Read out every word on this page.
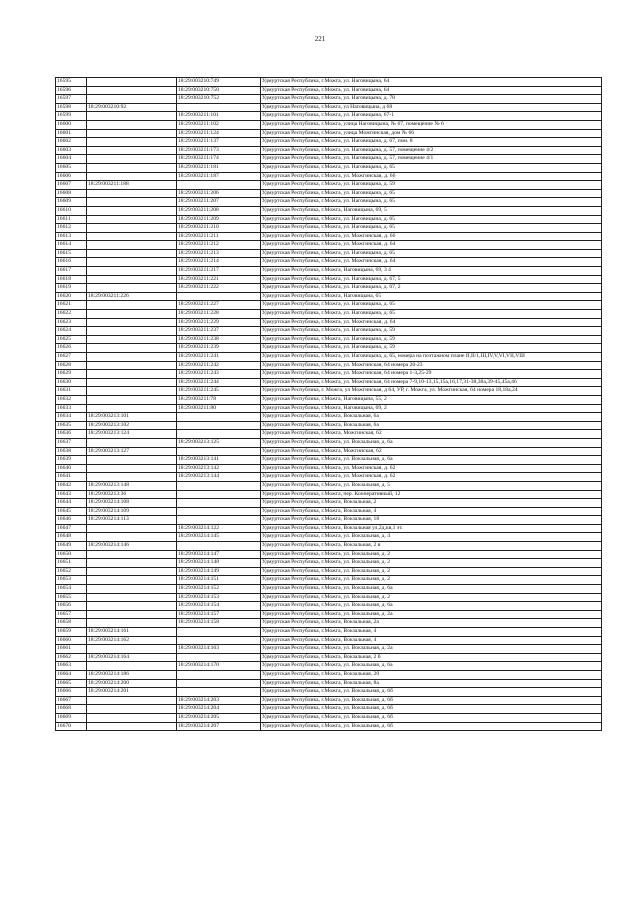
221
16595		18:29:003210:749	Удмуртская Республика, г.Можга, ул. Наговицына, 64
16596		18:29:003210:750	Удмуртская Республика, г.Можга, ул. Наговицына, 64
16597		18:29:003210:752	Удмуртская Республика, г.Можга, ул. Наговицына, д. 78
16598	18:29:003210:92		Удмуртская Республика, г.Можга, ул Наговицына, д 68
16599		18:29:003211:101	Удмуртская Республика, г.Можга, ул. Наговицына, 67-1
16600		18:29:003211:102	Удмуртская Республика, г.Можга, улица Наговицына, № 67, помещение № 6
16601		18:29:003211:124	Удмуртская Республика, г.Можга, улица Можгинская, дом № 66
16602		18:29:003211:137	Удмуртская Республика, г.Можга, ул. Наговицына, д. 67, пом. 8
16603		18:29:003211:173	Удмуртская Республика, г.Можга, ул. Наговицына, д. 57, помещение 4/2
16604		18:29:003211:174	Удмуртская Республика, г.Можга, ул. Наговицына, д. 57, помещение 4/1
16605		18:29:003211:181	Удмуртская Республика, г.Можга, ул. Наговицына, д. 65
16606		18:29:003211:187	Удмуртская Республика, г.Можга, ул. Можгинская, д. 66
16607	18:29:003211:188		Удмуртская Республика, г.Можга, ул. Наговицына, д. 59
16608		18:29:003211:206	Удмуртская Республика, г.Можга, ул. Наговицына, д. 65
16609		18:29:003211:207	Удмуртская Республика, г.Можга, ул. Наговицына, д. 65
16610		18:29:003211:208	Удмуртская Республика, г.Можга, Наговицына, 69, 5
16611		18:29:003211:209	Удмуртская Республика, г.Можга, ул. Наговицына, д. 65
16612		18:29:003211:210	Удмуртская Республика, г.Можга, ул. Наговицына, д. 65
16613		18:29:003211:211	Удмуртская Республика, г.Можга, ул. Можгинская, д. 66
16614		18:29:003211:212	Удмуртская Республика, г.Можга, ул. Можгинская, д. 64
16615		18:29:003211:213	Удмуртская Республика, г.Можга, ул. Наговицына, д. 65
16616		18:29:003211:214	Удмуртская Республика, г.Можга, ул. Можгинская, д. 64
16617		18:29:003211:217	Удмуртская Республика, г.Можга, Наговицына, 69, 3 4
16618		18:29:003211:221	Удмуртская Республика, г.Можга, ул. Наговицына, д. 67, 5
16619		18:29:003211:222	Удмуртская Республика, г.Можга, ул. Наговицына, д. 67, 2
16620	18:29:003211:226		Удмуртская Республика, г.Можга, Наговицына, 65
16621		18:29:003211:227	Удмуртская Республика, г.Можга, ул. Наговицына, д. 65
16622		18:29:003211:228	Удмуртская Республика, г.Можга, ул. Наговицына, д. 65
16623		18:29:003211:229	Удмуртская Республика, г.Можга, ул. Можгинская, д. 64
16624		18:29:003211:237	Удмуртская Республика, г.Можга, ул. Наговицына, д. 59
16625		18:29:003211:238	Удмуртская Республика, г.Можга, ул. Наговицына, д. 59
16626		18:29:003211:239	Удмуртская Республика, г.Можга, ул. Наговицына, д. 59
16627		18:29:003211:241	Удмуртская Республика, г.Можга, ул. Наговицына, д. 65, номера на поэтажном плане II,II/1,III,IV,V,VI,VII,VIII
16628		18:29:003211:242	Удмуртская Республика, г.Можга, ул. Можгинская, 64 номера 20-23
16629		18:29:003211:243	Удмуртская Республика, г.Можга, ул. Можгинская, 64 номера 1-3,25-29
16630		18:29:003211:244	Удмуртская Республика, г.Можга, ул. Можгинская, 64 номера 7-9,10-13,15,15а,16,17,31-38,38а,39-45,45а,46
16631		18:29:003211:245	Удмуртская Республика, г. Можга, ул Можгинская, д 64, УР, г. Можга, ул. Можгинская, 64 номера 18,18а,24
16632		18:29:003211:78	Удмуртская Республика, г.Можга, Наговицына, 55, 2
16633		18:29:003211:80	Удмуртская Республика, г.Можга, Наговицына, 69, 2
16634	18:29:003213:101		Удмуртская Республика, г.Можга, Вокзальная, 6а
16635	18:29:003213:102		Удмуртская Республика, г.Можга, Вокзальная, 6а
16636	18:29:003213:124		Удмуртская Республика, г.Можга, Можгинская, 62
16637		18:29:003213:125	Удмуртская Республика, г.Можга, ул. Вокзальная, д. 6а
16638	18:29:003213:127		Удмуртская Республика, г.Можга, Можгинская, 62
16639		18:29:003213:141	Удмуртская Республика, г.Можга, ул. Вокзальная, д. 6а
16640		18:29:003213:142	Удмуртская Республика, г.Можга, ул. Можгинская, д. 62
16641		18:29:003213:144	Удмуртская Республика, г.Можга, ул. Можгинская, д. 62
16642	18:29:003213:148		Удмуртская Республика, г.Можга, ул. Вокзальная, д. 5
16643	18:29:003213:36		Удмуртская Республика, г.Можга, пер. Кооперативный, 12
16644	18:29:003214:108		Удмуртская Республика, г.Можга, Вокзальная, 2
16645	18:29:003214:109		Удмуртская Республика, г.Можга, Вокзальная, 4
16646	18:29:003214:113		Удмуртская Республика, г.Можга, Вокзальная, 18
16647		18:29:003214:122	Удмуртская Республика, г.Можга, Вокзальная ул,2д,кв,1 эт.
16648		18:29:003214:145	Удмуртская Республика, г.Можга, ул. Вокзальная, д. 4
16649	18:29:003214:146		Удмуртская Республика, г.Можга, Вокзальная, 2 в
16650		18:29:003214:147	Удмуртская Республика, г.Можга, ул. Вокзальная, д. 2
16651		18:29:003214:148	Удмуртская Республика, г.Можга, ул. Вокзальная, д. 2
16652		18:29:003214:149	Удмуртская Республика, г.Можга, ул. Вокзальная, д. 2
16653		18:29:003214:151	Удмуртская Республика, г.Можга, ул. Вокзальная, д. 2
16654		18:29:003214:152	Удмуртская Республика, г.Можга, ул. Вокзальная, д. 6а
16655		18:29:003214:153	Удмуртская Республика, г.Можга, ул. Вокзальная, д. 2
16656		18:29:003214:154	Удмуртская Республика, г.Можга, ул. Вокзальная, д. 6а
16657		18:29:003214:157	Удмуртская Республика, г.Можга, ул. Вокзальная, д. 2а
16658		18:29:003214:158	Удмуртская Республика, г.Можга, Вокзальная, 2а
16659	18:29:003214:161		Удмуртская Республика, г.Можга, Вокзальная, 4
16660	18:29:003214:162		Удмуртская Республика, г.Можга, Вокзальная, 4
16661		18:29:003214:163	Удмуртская Республика, г.Можга, ул. Вокзальная, д. 2а
16662	18:29:003214:164		Удмуртская Республика, г.Можга, Вокзальная, 2 б
16663		18:29:003214:170	Удмуртская Республика, г.Можга, ул. Вокзальная, д. 6а
16664	18:29:003214:186		Удмуртская Республика, г.Можга, Вокзальная, 20
16665	18:29:003214:200		Удмуртская Республика, г.Можга, Вокзальная, 8а
16666	18:29:003214:201		Удмуртская Республика, г.Можга, ул. Вокзальная, д. 6б
16667		18:29:003214:203	Удмуртская Республика, г.Можга, ул. Вокзальная, д. 6б
16668		18:29:003214:204	Удмуртская Республика, г.Можга, ул. Вокзальная, д. 6б
16669		18:29:003214:205	Удмуртская Республика, г.Можга, ул. Вокзальная, д. 6б
16670		18:29:003214:207	Удмуртская Республика, г.Можга, ул. Вокзальная, д. 6б
